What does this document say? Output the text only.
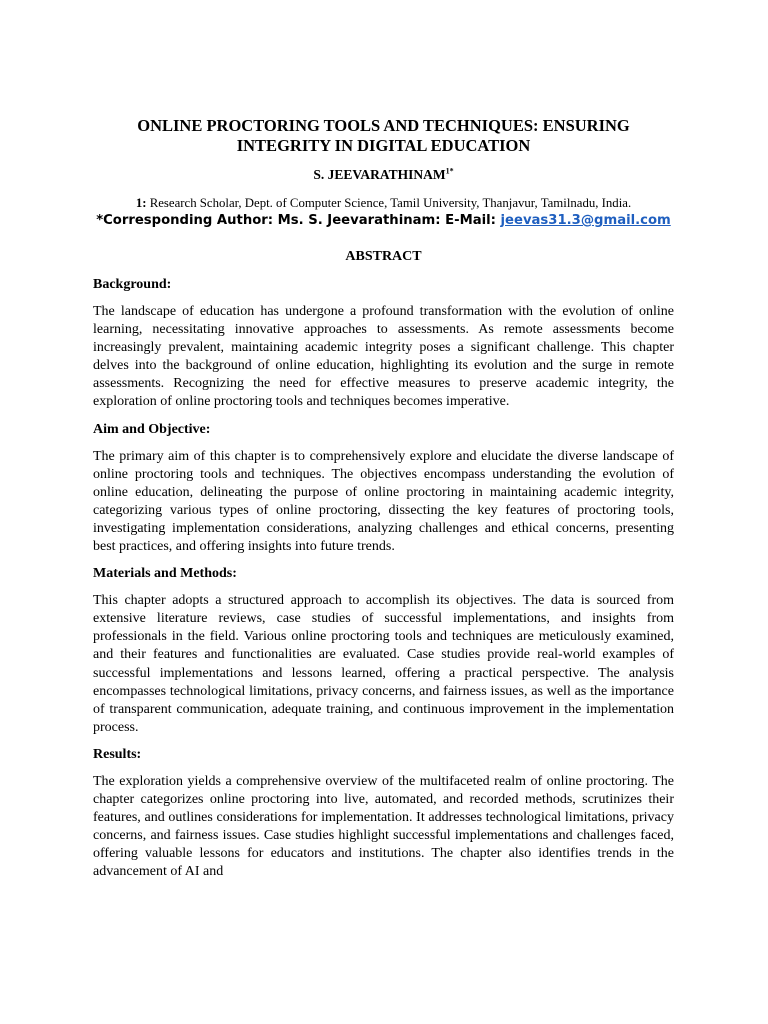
ONLINE PROCTORING TOOLS AND TECHNIQUES: ENSURING INTEGRITY IN DIGITAL EDUCATION
S. $JEEVARATHINAM^{1*}$
1: Research Scholar, Dept. of Computer Science, Tamil University, Thanjavur, Tamilnadu, India.
*Corresponding Author: Ms. S. Jeevarathinam: E-Mail: jeevas31.3@gmail.com
ABSTRACT
Background:

The landscape of education has undergone a profound transformation with the evolution of online learning, necessitating innovative approaches to assessments. As remote assessments become increasingly prevalent, maintaining academic integrity poses a significant challenge. This chapter delves into the background of online education, highlighting its evolution and the surge in remote assessments. Recognizing the need for effective measures to preserve academic integrity, the exploration of online proctoring tools and techniques becomes imperative.

Aim and Objective:

The primary aim of this chapter is to comprehensively explore and elucidate the diverse landscape of online proctoring tools and techniques. The objectives encompass understanding the evolution of online education, delineating the purpose of online proctoring in maintaining academic integrity, categorizing various types of online proctoring, dissecting the key features of proctoring tools, investigating implementation considerations, analyzing challenges and ethical concerns, presenting best practices, and offering insights into future trends.

Materials and Methods:

This chapter adopts a structured approach to accomplish its objectives. The data is sourced from extensive literature reviews, case studies of successful implementations, and insights from professionals in the field. Various online proctoring tools and techniques are meticulously examined, and their features and functionalities are evaluated. Case studies provide real-world examples of successful implementations and lessons learned, offering a practical perspective. The analysis encompasses technological limitations, privacy concerns, and fairness issues, as well as the importance of transparent communication, adequate training, and continuous improvement in the implementation process.

Results:

The exploration yields a comprehensive overview of the multifaceted realm of online proctoring. The chapter categorizes online proctoring into live, automated, and recorded methods, scrutinizes their features, and outlines considerations for implementation. It addresses technological limitations, privacy concerns, and fairness issues. Case studies highlight successful implementations and challenges faced, offering valuable lessons for educators and institutions. The chapter also identifies trends in the advancement of AI and
